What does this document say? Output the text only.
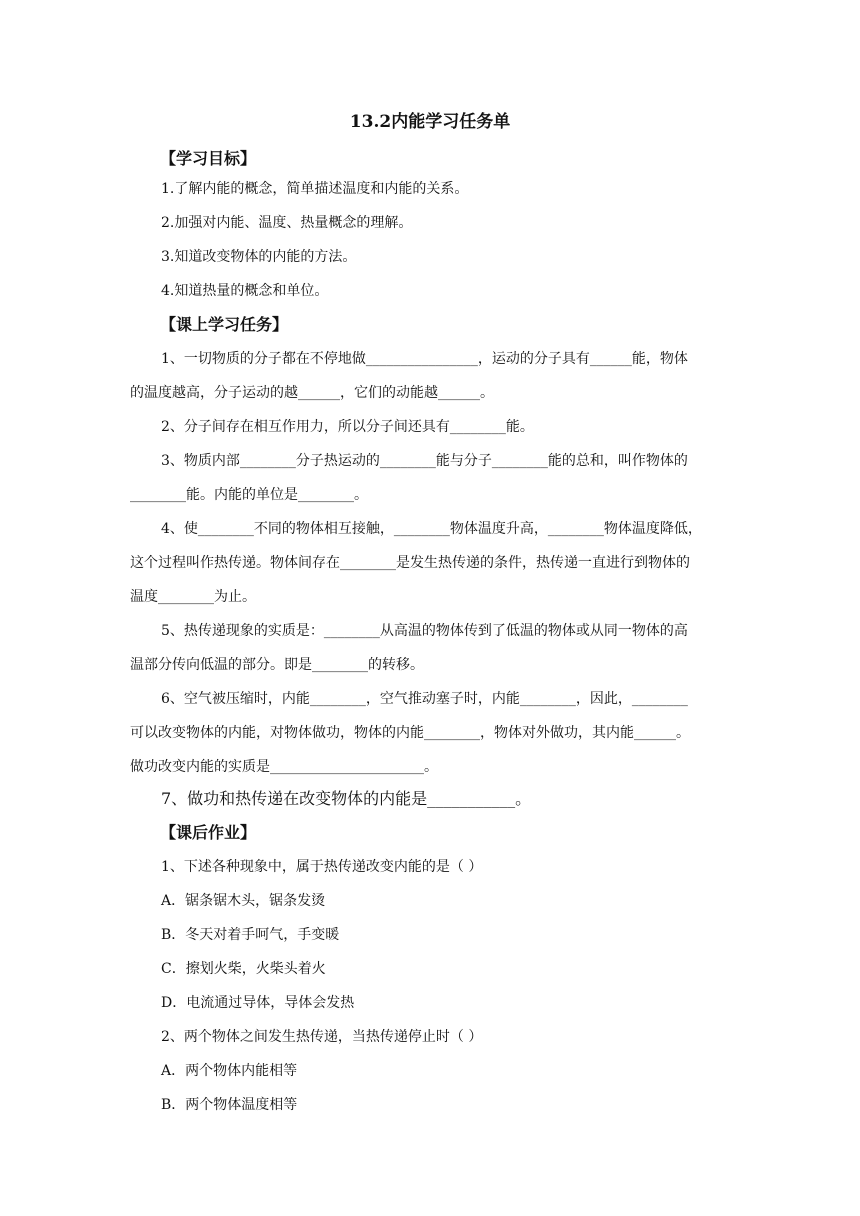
13.2内能学习任务单
【学习目标】
1.了解内能的概念，简单描述温度和内能的关系。
2.加强对内能、温度、热量概念的理解。
3.知道改变物体的内能的方法。
4.知道热量的概念和单位。
【课上学习任务】
1、一切物质的分子都在不停地做________________，运动的分子具有______能，物体
的温度越高，分子运动的越______，它们的动能越______。
2、分子间存在相互作用力，所以分子间还具有________能。
3、物质内部________分子热运动的________能与分子________能的总和，叫作物体的
________能。内能的单位是________。
4、使________不同的物体相互接触，________物体温度升高，________物体温度降低，
这个过程叫作热传递。物体间存在________是发生热传递的条件，热传递一直进行到物体的
温度________为止。
5、热传递现象的实质是：________从高温的物体传到了低温的物体或从同一物体的高
温部分传向低温的部分。即是________的转移。
6、空气被压缩时，内能________，空气推动塞子时，内能________，因此，________
可以改变物体的内能，对物体做功，物体的内能________，物体对外做功，其内能______。
做功改变内能的实质是______________________。
7、做功和热传递在改变物体的内能是___________。
【课后作业】
1、下述各种现象中，属于热传递改变内能的是（ ）
A．锯条锯木头，锯条发烫
B．冬天对着手呵气，手变暖
C．擦划火柴，火柴头着火
D．电流通过导体，导体会发热
2、两个物体之间发生热传递，当热传递停止时（ ）
A．两个物体内能相等
B．两个物体温度相等
